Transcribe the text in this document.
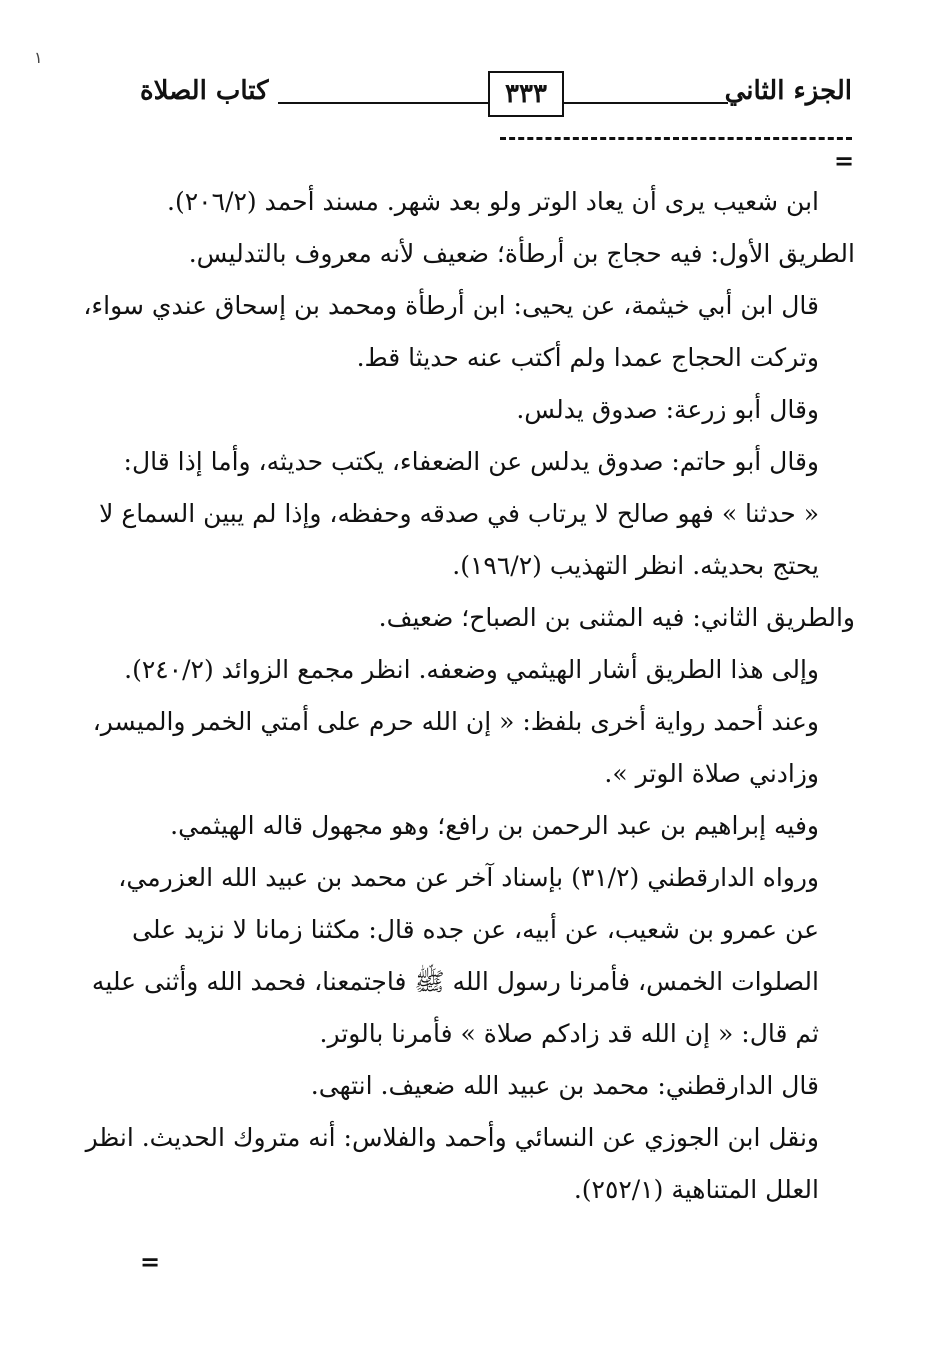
١
الجزء الثاني
٣٣٣
كتاب الصلاة
=
ابن شعيب يرى أن يعاد الوتر ولو بعد شهر. مسند أحمد (٢٠٦/٢).
الطريق الأول: فيه حجاج بن أرطأة؛ ضعيف لأنه معروف بالتدليس.
قال ابن أبي خيثمة، عن يحيى: ابن أرطأة ومحمد بن إسحاق عندي سواء،
وتركت الحجاج عمدا ولم أكتب عنه حديثا قط.
وقال أبو زرعة: صدوق يدلس.
وقال أبو حاتم: صدوق يدلس عن الضعفاء، يكتب حديثه، وأما إذا قال:
« حدثنا » فهو صالح لا يرتاب في صدقه وحفظه، وإذا لم يبين السماع لا
يحتج بحديثه. انظر التهذيب (١٩٦/٢).
والطريق الثاني: فيه المثنى بن الصباح؛ ضعيف.
وإلى هذا الطريق أشار الهيثمي وضعفه. انظر مجمع الزوائد (٢٤٠/٢).
وعند أحمد رواية أخرى بلفظ: « إن الله حرم على أمتي الخمر والميسر،
وزادني صلاة الوتر ».
وفيه إبراهيم بن عبد الرحمن بن رافع؛ وهو مجهول قاله الهيثمي.
ورواه الدارقطني (٣١/٢) بإسناد آخر عن محمد بن عبيد الله العزرمي،
عن عمرو بن شعيب، عن أبيه، عن جده قال: مكثنا زمانا لا نزيد على
الصلوات الخمس، فأمرنا رسول الله ﷺ فاجتمعنا، فحمد الله وأثنى عليه
ثم قال: « إن الله قد زادكم صلاة » فأمرنا بالوتر.
قال الدارقطني: محمد بن عبيد الله ضعيف. انتهى.
ونقل ابن الجوزي عن النسائي وأحمد والفلاس: أنه متروك الحديث. انظر
العلل المتناهية (٢٥٢/١).
=
